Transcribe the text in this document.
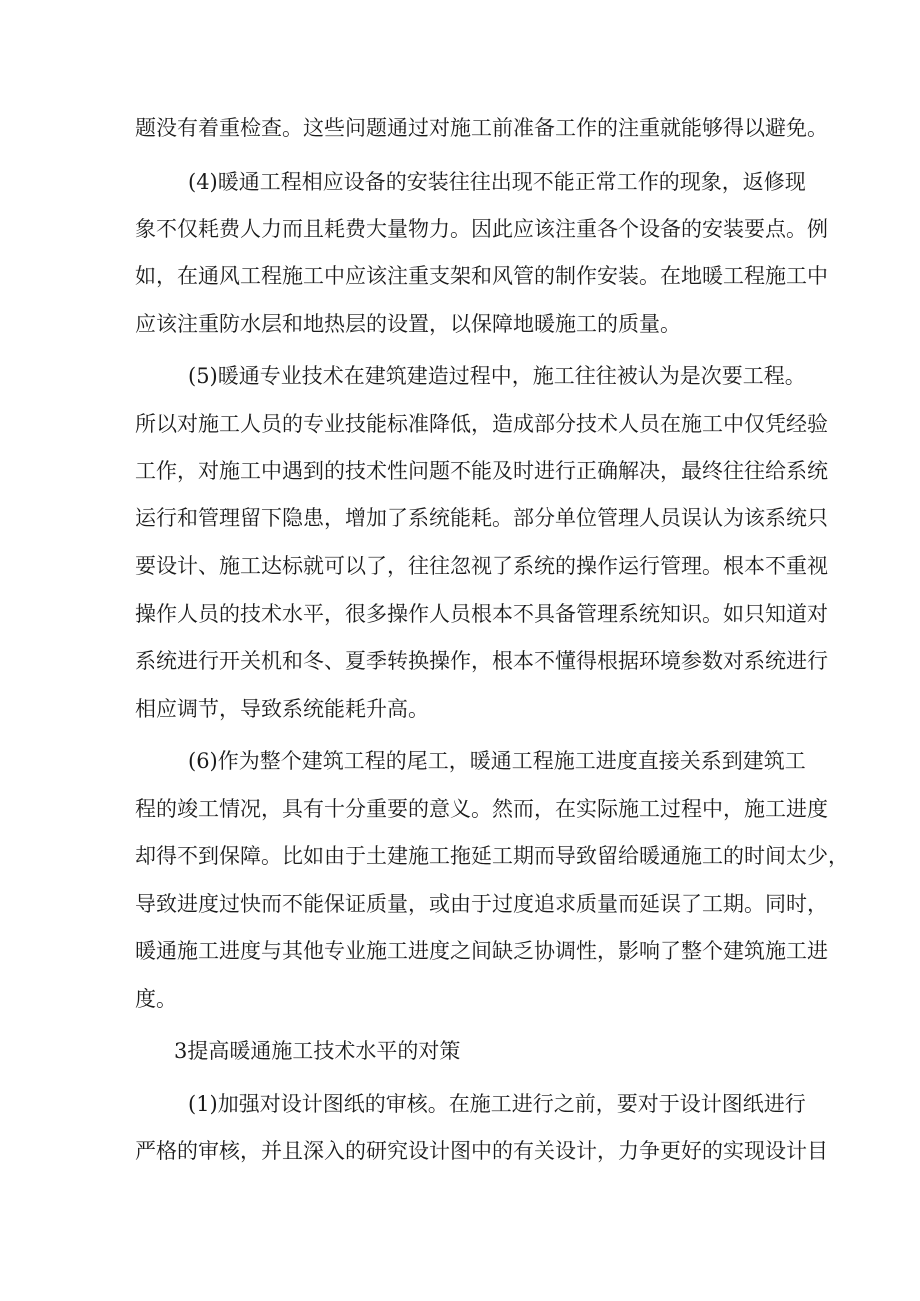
题没有着重检查。这些问题通过对施工前准备工作的注重就能够得以避免。
(4)暖通工程相应设备的安装往往出现不能正常工作的现象，返修现
象不仅耗费人力而且耗费大量物力。因此应该注重各个设备的安装要点。例
如，在通风工程施工中应该注重支架和风管的制作安装。在地暖工程施工中
应该注重防水层和地热层的设置，以保障地暖施工的质量。
(5)暖通专业技术在建筑建造过程中，施工往往被认为是次要工程。
所以对施工人员的专业技能标准降低，造成部分技术人员在施工中仅凭经验
工作，对施工中遇到的技术性问题不能及时进行正确解决，最终往往给系统
运行和管理留下隐患，增加了系统能耗。部分单位管理人员误认为该系统只
要设计、施工达标就可以了，往往忽视了系统的操作运行管理。根本不重视
操作人员的技术水平，很多操作人员根本不具备管理系统知识。如只知道对
系统进行开关机和冬、夏季转换操作，根本不懂得根据环境参数对系统进行
相应调节，导致系统能耗升高。
(6)作为整个建筑工程的尾工，暖通工程施工进度直接关系到建筑工
程的竣工情况，具有十分重要的意义。然而，在实际施工过程中，施工进度
却得不到保障。比如由于土建施工拖延工期而导致留给暖通施工的时间太少，
导致进度过快而不能保证质量，或由于过度追求质量而延误了工期。同时，
暖通施工进度与其他专业施工进度之间缺乏协调性，影响了整个建筑施工进
度。
3提高暖通施工技术水平的对策
(1)加强对设计图纸的审核。在施工进行之前，要对于设计图纸进行
严格的审核，并且深入的研究设计图中的有关设计，力争更好的实现设计目
